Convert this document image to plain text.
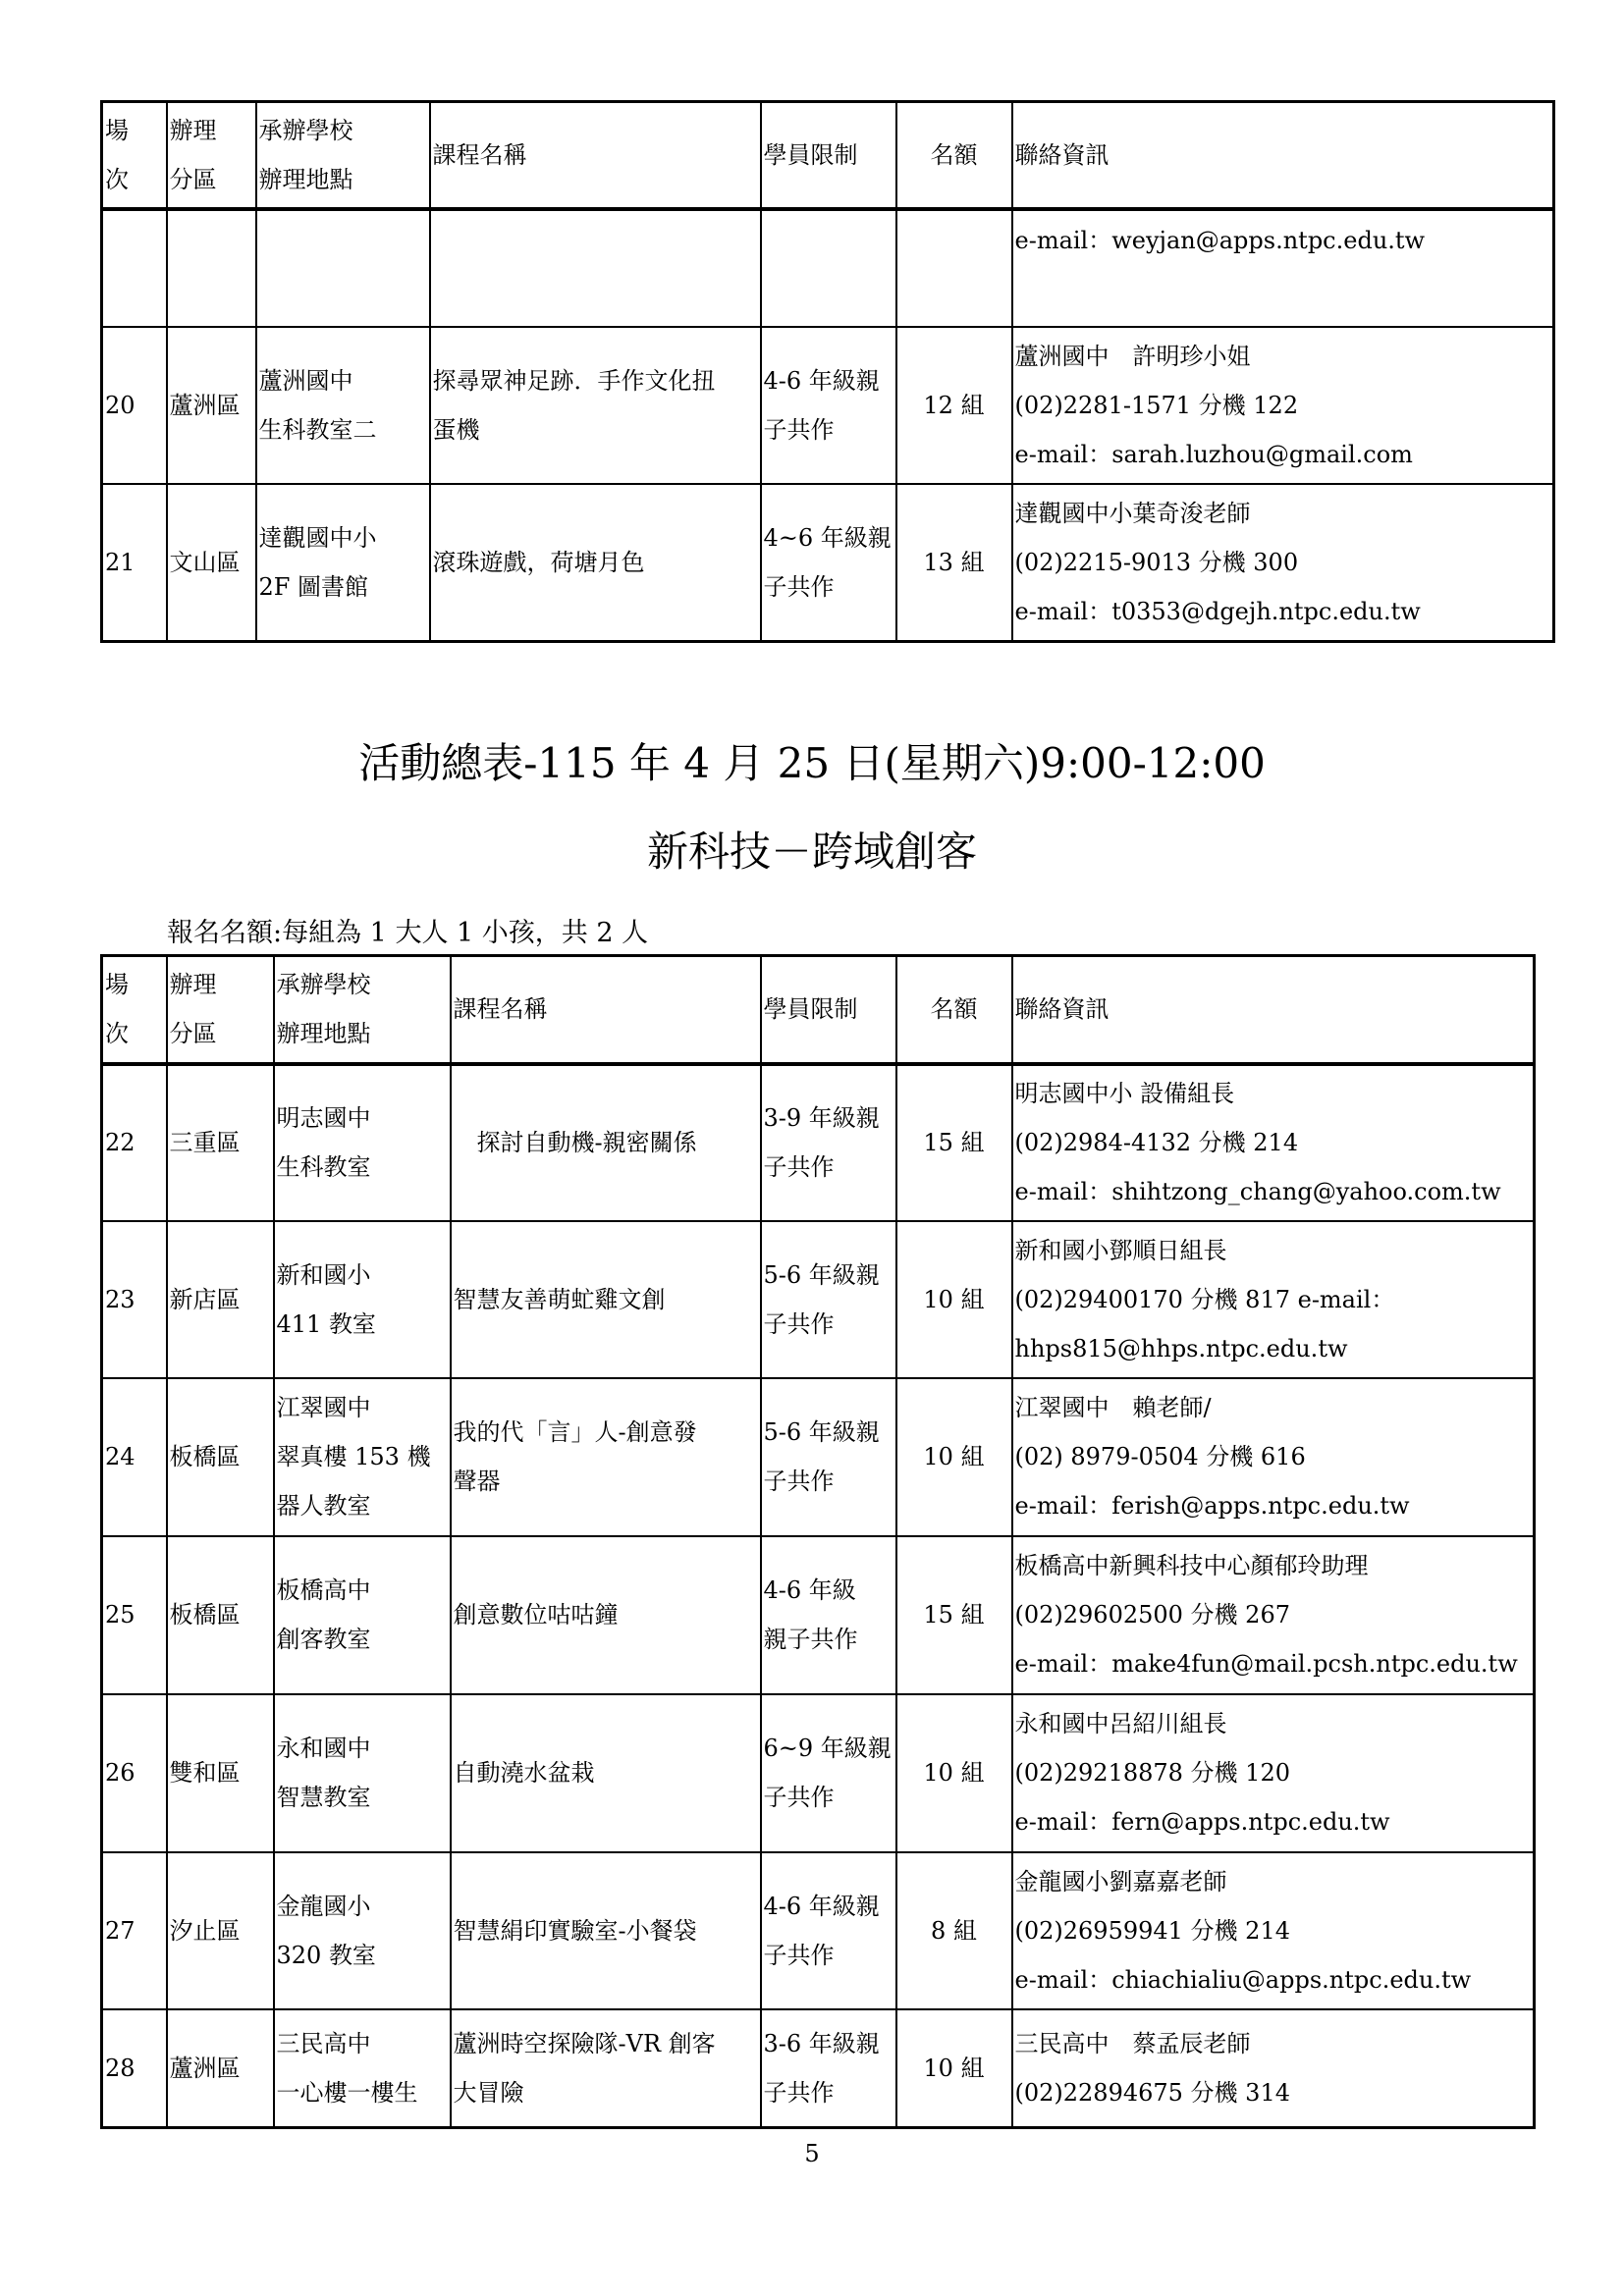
場
次	辦理
分區	承辦學校
辦理地點	課程名稱	學員限制	名額	聯絡資訊
						e-mail：weyjan@apps.ntpc.edu.tw
20	蘆洲區	蘆洲國中
生科教室二	探尋眾神足跡．手作文化扭
蛋機	4-6 年級親
子共作	12 組	蘆洲國中　許明珍小姐
(02)2281-1571 分機 122
e-mail：sarah.luzhou@gmail.com
21	文山區	達觀國中小
2F 圖書館	滾珠遊戲，荷塘月色	4~6 年級親
子共作	13 組	達觀國中小葉奇浚老師
(02)2215-9013 分機 300
e-mail：t0353@dgejh.ntpc.edu.tw
活動總表-115 年 4 月 25 日(星期六)9:00-12:00
新科技－跨域創客
報名名額:每組為 1 大人 1 小孩，共 2 人
場
次	辦理
分區	承辦學校
辦理地點	課程名稱	學員限制	名額	聯絡資訊
22	三重區	明志國中
生科教室	　探討自動機-親密關係	3-9 年級親
子共作	15 組	明志國中小 設備組長
(02)2984-4132 分機 214
e-mail：shihtzong_chang@yahoo.com.tw
23	新店區	新和國小
411 教室	智慧友善萌虻雞文創	5-6 年級親
子共作	10 組	新和國小鄧順日組長
(02)29400170 分機 817 e-mail：
hhps815@hhps.ntpc.edu.tw
24	板橋區	江翠國中
翠真樓 153 機
器人教室	我的代「言」人-創意發
聲器	5-6 年級親
子共作	10 組	江翠國中　賴老師/
(02) 8979-0504 分機 616
e-mail：ferish@apps.ntpc.edu.tw
25	板橋區	板橋高中
創客教室	創意數位咕咕鐘	4-6 年級
親子共作	15 組	板橋高中新興科技中心顏郁玲助理
(02)29602500 分機 267
e-mail：make4fun@mail.pcsh.ntpc.edu.tw
26	雙和區	永和國中
智慧教室	自動澆水盆栽	6~9 年級親
子共作	10 組	永和國中呂紹川組長
(02)29218878 分機 120
e-mail：fern@apps.ntpc.edu.tw
27	汐止區	金龍國小
320 教室	智慧絹印實驗室-小餐袋	4-6 年級親
子共作	8 組	金龍國小劉嘉嘉老師
(02)26959941 分機 214
e-mail：chiachialiu@apps.ntpc.edu.tw
28	蘆洲區	三民高中
一心樓一樓生	蘆洲時空探險隊-VR 創客
大冒險	3-6 年級親
子共作	10 組	三民高中　蔡孟辰老師
(02)22894675 分機 314
5
